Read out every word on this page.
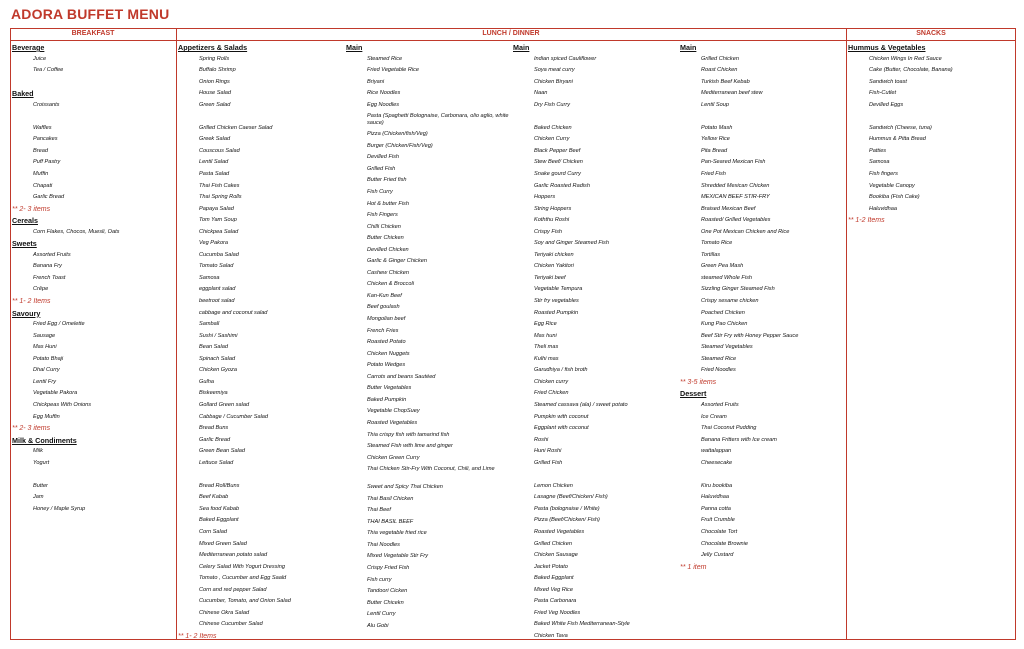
ADORA BUFFET MENU
BREAKFAST	LUNCH / DINNER	SNACKS
Beverage
Juice
Tea / Coffee
Baked
Croissants
Waffles
Pancakes
Bread
Puff Pastry
Muffin
Chapati
Garlic Bread
** 2- 3 items
Cereals
Corn Flakes, Chocos, Muesli, Oats
Sweets
Assorted Fruits
Banana Fry
French Toast
Crêpe
** 1- 2 Items
Savoury
Fried Egg / Omelette
Sausage
Mas Huni
Potato Bhaji
Dhal Curry
Lentil Fry
Vegetable Pakora
Chickpeas With Onions
Egg Muffin
** 2- 3 items
Milk & Condiments
Milk
Yogurt
Butter
Jam
Honey / Maple Syrup
Appetizers & Salads
Spring Rolls
Buffalo Shrimp
Onion Rings
House Salad
Green Salad
Grilled Chicken Caeser Salad
Greek Salad
Couscous Salad
Lentil Salad
Pasta Salad
Thai Fish Cakes
Thai Spring Rolls
Papaya Salad
Tom Yam Soup
Chickpea Salad
Veg Pakora
Cucumba Salad
Tomato Salad
Samosa
eggplant salad
beetroot salad
cabbage and coconut salad
Samball
Sushi / Sashimi
Bean Salad
Spinach Salad
Chicken Gyoza
Gulha
Biskeemiya
Gollard Green salad
Cabbage / Cucumber Salad
Bread Buns
Garlic Bread
Green Bean Salad
Lettuce Salad
Bread Roll/Buns
Beef Kabab
Sea food Kabab
Baked Eggplant
Corn Salad
Mixed Green Salad
Mediterranean potato salad
Celery Salad With Yogurt Dressing
Tomato , Cucumber and Egg Saald
Corn and red pepper Salad
Cucumber, Tomato, and Onion Salad
Chinese Okra Salad
Chinese Cucumber Salad
** 1- 2 Items
Main
Steamed Rice
Fried Vegetable Rice
Briyani
Rice Noodles
Egg Noodles
Pasta (Spaghetti Bolognaise, Carbonara, olio aglio, white sauce)
Pizza (Chicken/fish/Veg)
Burger (Chicken/Fish/Veg)
Devilled Fish
Grilled Fish
Butter Fried fish
Fish Curry
Hot & butter Fish
Fish Fingers
Chilli Chicken
Butter Chicken
Devilled Chicken
Garlic & Ginger Chicken
Cashew Chicken
Chicken & Broccoli
Kan-Kun Beef
Beef goulash
Mongolian beef
French Fries
Roasted Potato
Chicken Nuggets
Potato Wedges
Carrots and beans Sautéed
Butter Vegetables
Baked Pumpkin
Vegetable ChopSuey
Roasted Vegetables
Thia crispy fish with tamarind fish
Steamed Fish with lime and ginger
Chicken Green Curry
Thai Chicken Stir-Fry With Coconut, Chili, and Lime
Sweet and Spicy Thai Chicken
Thai Basil Chicken
Thai Beef
THAI BASIL BEEF
Thia vegetable fried rice
Thai Noodles
Mixed Vegetable Stir Fry
Crispy Fried Fish
Fish curry
Tandoori Cicken
Butter Chicekn
Lentil Curry
Alu Gobi
Main
Indian spiced Cauliflower
Soya meat curry
Chicken Biryani
Naan
Dry Fish Curry
Baked Chicken
Chicken Curry
Black Pepper Beef
Stew Beef/ Chicken
Snake gourd Curry
Garlic Roasted Radish
Hoppers
String Hoppers
Koththu Roshi
Crispy Fish
Soy and Ginger Steamed Fish
Teriyaki chicken
Chicken Yakitori
Teriyaki beef
Vegetable Tempura
Stir fry vegetables
Roasted Pumpkin
Egg Rice
Mas huni
Theli mas
Kulhi mas
Garudhiya / fish broth
Chicken curry
Fried Chicken
Steamed cassava (ala) / sweet potato
Pumpkin with coconut
Eggplant with coconut
Roshi
Huni Roshi
Grilled Fish
Lemon Chicken
Lasagne (Beef/Chicken/ Fish)
Pasta (bolognaise / White)
Pizza (Beef/Chicken/ Fish)
Roasted Vegetables
Grilled Chicken
Chicken Sausage
Jacket Potato
Baked Eggplant
Mixed Veg Rice
Pasta Carbonara
Fried Veg Noodles
Baked White Fish Mediterranean-Style
Chicken Tava
Main
Grilled Chicken
Roast Chicken
Turkish Beef Kebab
Mediterranean beef stew
Lentil Soup
Potato Mash
Yellow Rice
Pita Bread
Pan-Seared Mexican Fish
Fried Fish
Shredded Mexican Chicken
MEXICAN BEEF STIR-FRY
Braised Mexican Beef
Roasted/ Grilled Vegetables
One Pot Mexican Chicken and Rice
Tomato Rice
Tortillas
Green Pea Mash
steamed Whole Fish
Sizzling Ginger Steamed Fish
Crispy sesame chicken
Poached Chicken
Kung Pao Chicken
Beef Stir Fry with Honey Pepper Sauce
Steamed Vegetables
Steamed Rice
Fried Noodles
** 3-5 items
Dessert
Assorted Fruits
Ice Cream
Thai Coconut Pudding
Banana Fritters with Ice cream
wattalappan
Cheesecake
Kiru bookiba
Haluvidhaa
Panna cotta
Fruit Crumble
Chocolate Tort
Chocolate Brownie
Jelly Custard
** 1 item
Hummus & Vegetables
Chicken Wings In Red Sauce
Cake (Butter, Chocolate, Banana)
Sandwich toast
Fish-Cutlet
Devilled Eggs
Sandwich (Cheese, tuna)
Hummus & Pitta Bread
Patties
Samosa
Fish fingers
Vegetable Canopy
Bookiba (Fish Cake)
Haluvidhaa
** 1-2 Items
